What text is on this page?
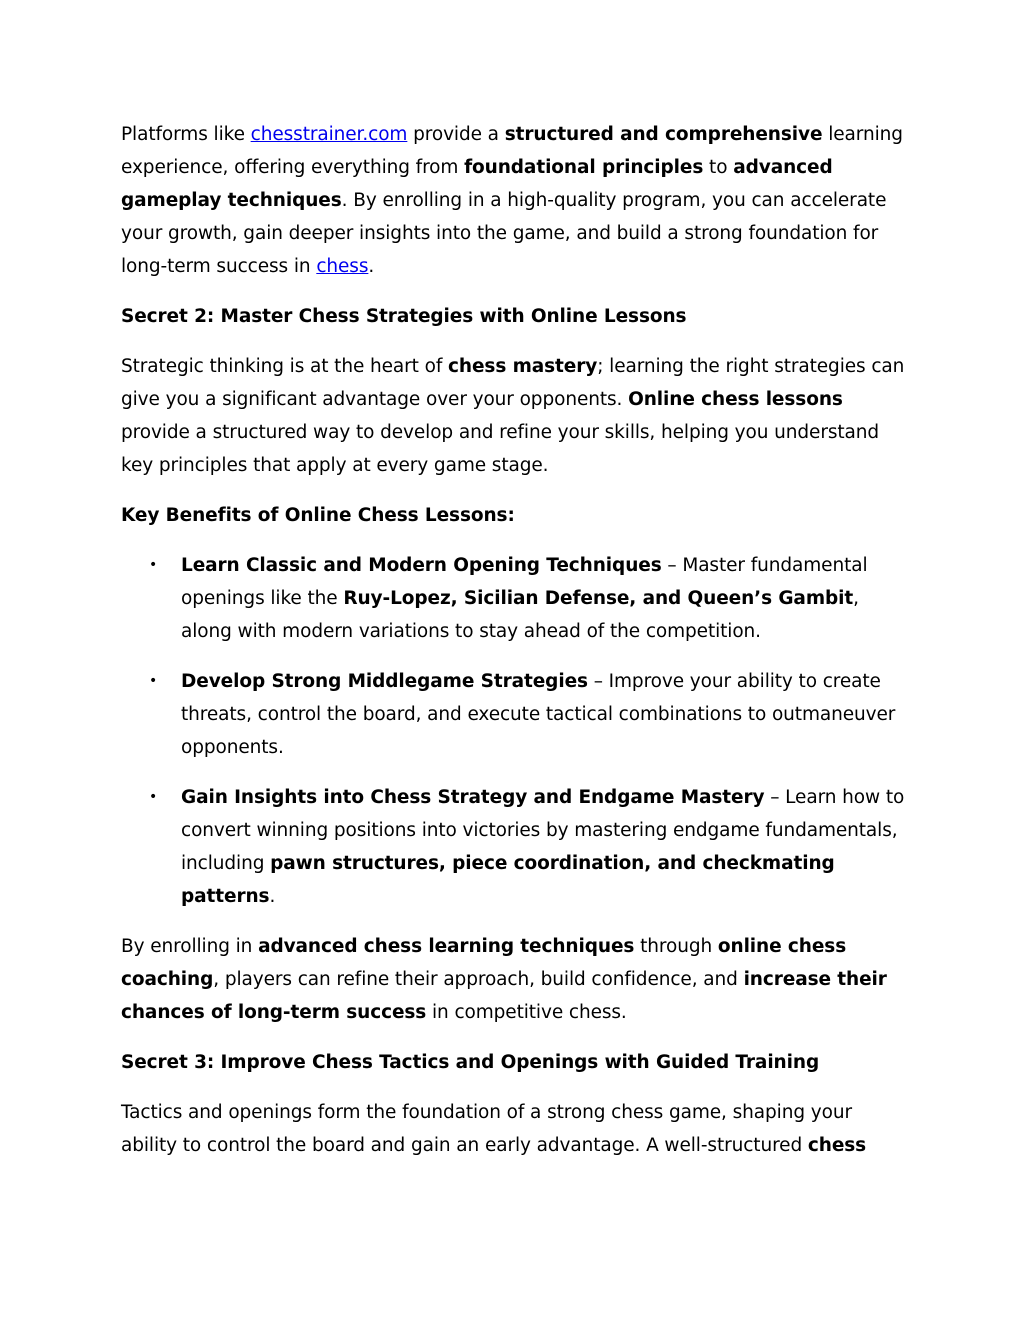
Platforms like chesstrainer.com provide a structured and comprehensive learning experience, offering everything from foundational principles to advanced gameplay techniques. By enrolling in a high-quality program, you can accelerate your growth, gain deeper insights into the game, and build a strong foundation for long-term success in chess.

Secret 2: Master Chess Strategies with Online Lessons

Strategic thinking is at the heart of chess mastery; learning the right strategies can give you a significant advantage over your opponents. Online chess lessons provide a structured way to develop and refine your skills, helping you understand key principles that apply at every game stage.

Key Benefits of Online Chess Lessons:

• Learn Classic and Modern Opening Techniques – Master fundamental openings like the Ruy-Lopez, Sicilian Defense, and Queen’s Gambit, along with modern variations to stay ahead of the competition.
• Develop Strong Middlegame Strategies – Improve your ability to create threats, control the board, and execute tactical combinations to outmaneuver opponents.
• Gain Insights into Chess Strategy and Endgame Mastery – Learn how to convert winning positions into victories by mastering endgame fundamentals, including pawn structures, piece coordination, and checkmating patterns.

By enrolling in advanced chess learning techniques through online chess coaching, players can refine their approach, build confidence, and increase their chances of long-term success in competitive chess.

Secret 3: Improve Chess Tactics and Openings with Guided Training

Tactics and openings form the foundation of a strong chess game, shaping your ability to control the board and gain an early advantage. A well-structured chess
